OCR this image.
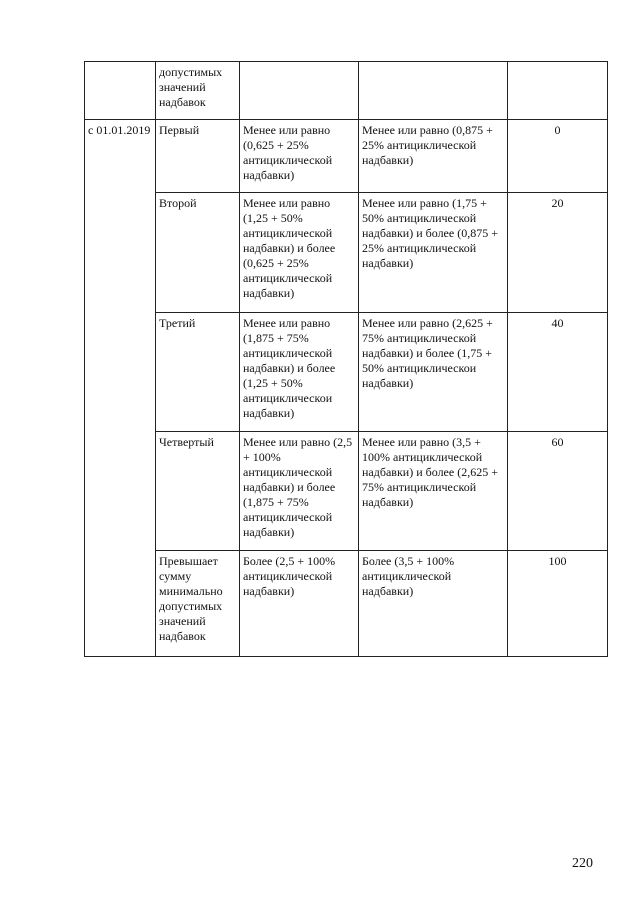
	допустимых значений надбавок			
с 01.01.2019	Первый	Менее или равно (0,625 + 25% антициклической надбавки)	Менее или равно (0,875 + 25% антициклической надбавки)	0
	Второй	Менее или равно (1,25 + 50% антициклической надбавки) и более (0,625 + 25% антициклической надбавки)	Менее или равно (1,75 + 50% антициклической надбавки) и более (0,875 + 25% антициклической надбавки)	20
	Третий	Менее или равно (1,875 + 75% антициклической надбавки) и более (1,25 + 50% антициклическои надбавки)	Менее или равно (2,625 + 75% антициклической надбавки) и более (1,75 + 50% антициклическои надбавки)	40
	Четвертый	Менее или равно (2,5 + 100% антициклической надбавки) и более (1,875 + 75% антициклической надбавки)	Менее или равно (3,5 + 100% антициклической надбавки) и более (2,625 + 75% антициклической надбавки)	60
	Превышает сумму минимально допустимых значений надбавок	Более (2,5 + 100% антициклической надбавки)	Более (3,5 + 100% антициклической надбавки)	100
220
